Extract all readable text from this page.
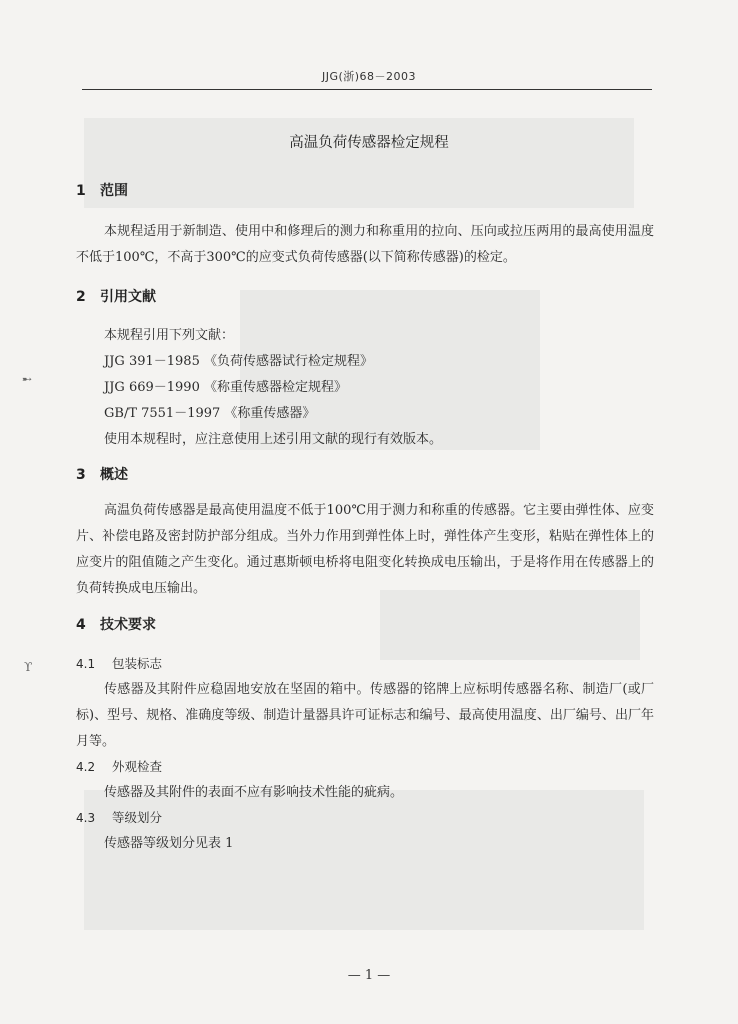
➸
ϒ
JJG(浙)68－2003
高温负荷传感器检定规程
1 范围
本规程适用于新制造、使用中和修理后的测力和称重用的拉向、压向或拉压两用的最高使用温度不低于100℃，不高于300℃的应变式负荷传感器(以下简称传感器)的检定。
2 引用文献
本规程引用下列文献：
JJG 391－1985 《负荷传感器试行检定规程》
JJG 669－1990 《称重传感器检定规程》
GB/T 7551－1997 《称重传感器》
使用本规程时，应注意使用上述引用文献的现行有效版本。
3 概述
高温负荷传感器是最高使用温度不低于100℃用于测力和称重的传感器。它主要由弹性体、应变片、补偿电路及密封防护部分组成。当外力作用到弹性体上时，弹性体产生变形，粘贴在弹性体上的应变片的阻值随之产生变化。通过惠斯顿电桥将电阻变化转换成电压输出，于是将作用在传感器上的负荷转换成电压输出。
4 技术要求
4.1 包装标志
传感器及其附件应稳固地安放在坚固的箱中。传感器的铭牌上应标明传感器名称、制造厂(或厂标)、型号、规格、准确度等级、制造计量器具许可证标志和编号、最高使用温度、出厂编号、出厂年月等。
4.2 外观检查
传感器及其附件的表面不应有影响技术性能的疵病。
4.3 等级划分
传感器等级划分见表 1
— 1 —
